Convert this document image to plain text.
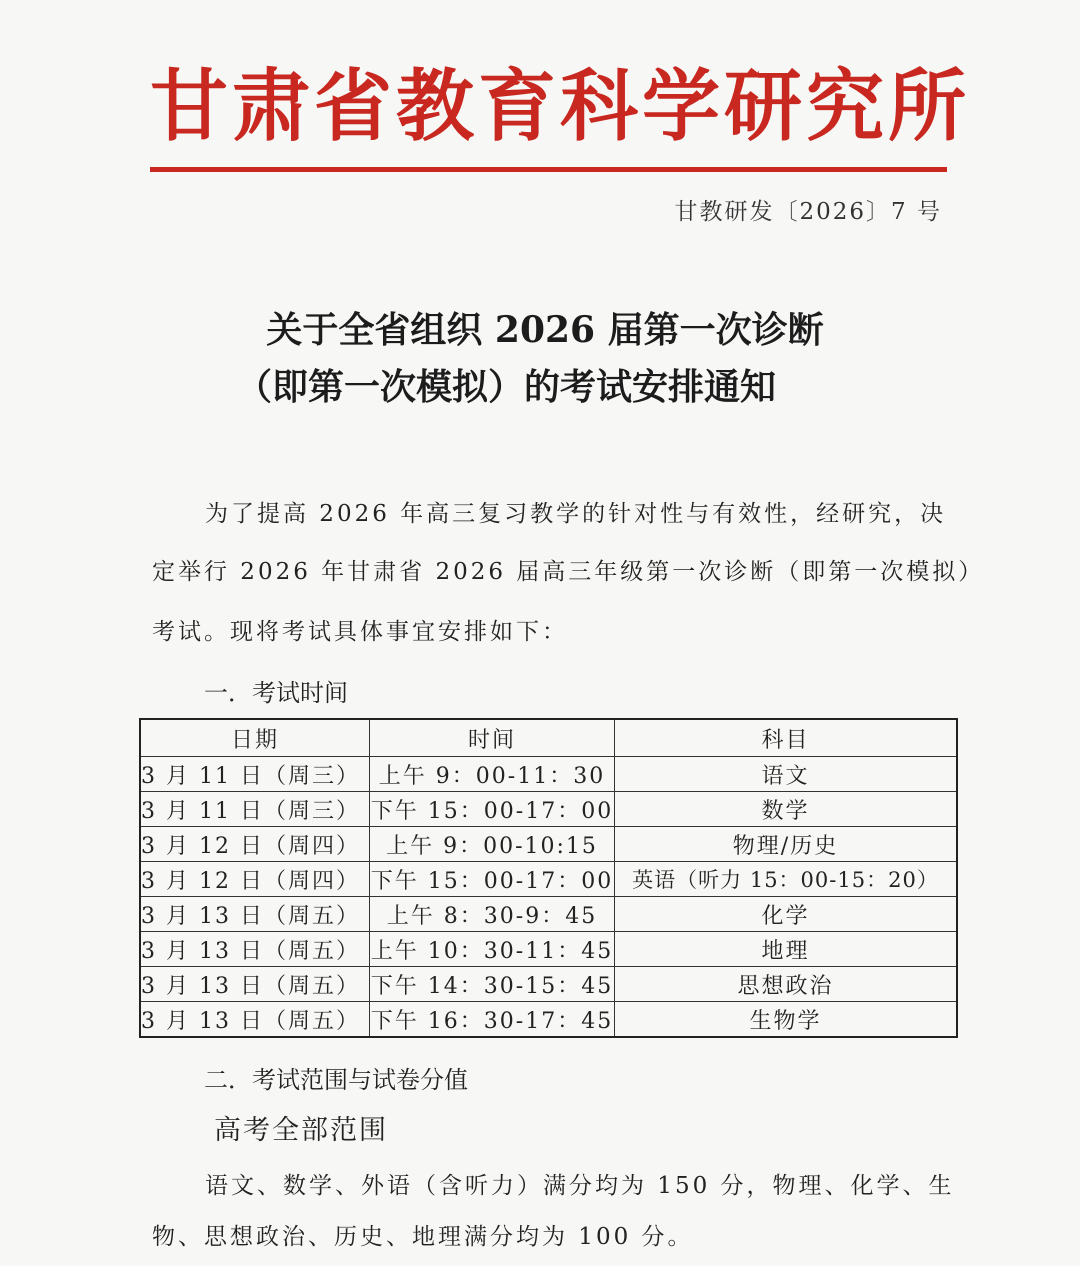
甘肃省教育科学研究所
甘教研发〔2026〕7 号
关于全省组织 2026 届第一次诊断
（即第一次模拟）的考试安排通知
为了提高 2026 年高三复习教学的针对性与有效性，经研究，决
定举行 2026 年甘肃省 2026 届高三年级第一次诊断（即第一次模拟）
考试。现将考试具体事宜安排如下：
一．考试时间
日期	时间	科目
3 月 11 日（周三）	上午 9：00-11：30	语文
3 月 11 日（周三）	下午 15：00-17：00	数学
3 月 12 日（周四）	上午 9：00-10:15	物理/历史
3 月 12 日（周四）	下午 15：00-17：00	英语（听力 15：00-15：20）
3 月 13 日（周五）	上午 8：30-9：45	化学
3 月 13 日（周五）	上午 10：30-11：45	地理
3 月 13 日（周五）	下午 14：30-15：45	思想政治
3 月 13 日（周五）	下午 16：30-17：45	生物学
二．考试范围与试卷分值
高考全部范围
语文、数学、外语（含听力）满分均为 150 分，物理、化学、生
物、思想政治、历史、地理满分均为 100 分。
